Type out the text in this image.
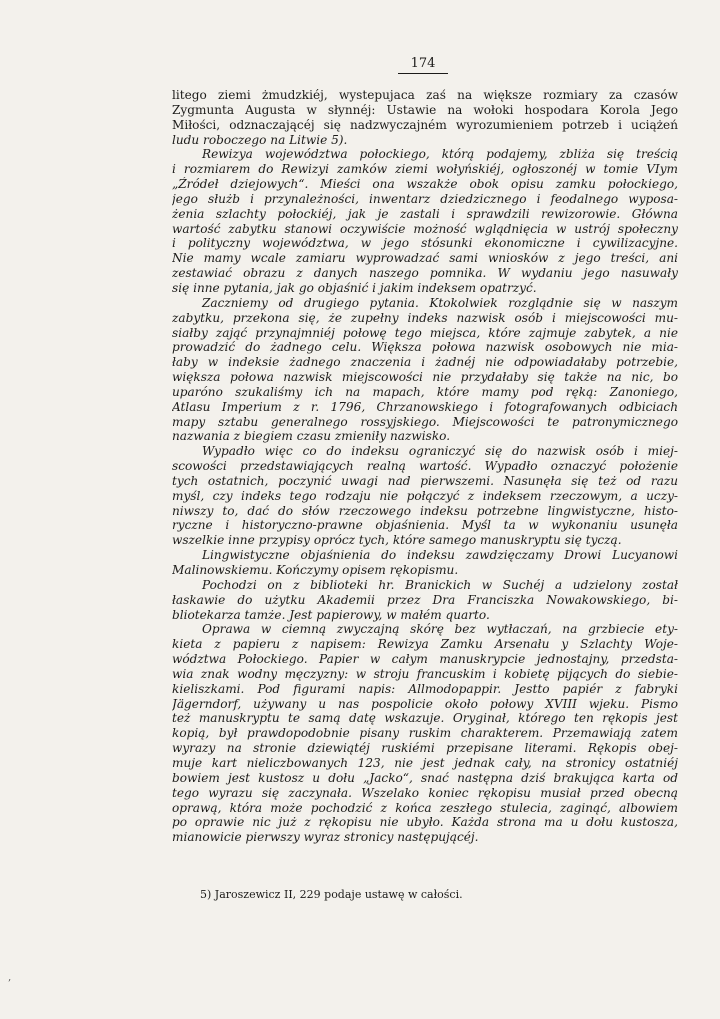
174
litego ziemi żmudzkiéj, wystepujaca zaś na większe rozmiary za czasów
Zygmunta Augusta w słynnéj: Ustawie na wołoki hospodara Korola Jego
Miłości, odznaczającéj się nadzwyczajném wyrozumieniem potrzeb i uciążeń
ludu roboczego na Litwie 5).
Rewizya województwa połockiego, którą podajemy, zbliża się treścią
i rozmiarem do Rewizyi zamków ziemi wołyńskiéj, ogłoszonéj w tomie VIym
„Źródeł dziejowych“. Mieści ona wszakże obok opisu zamku połockiego,
jego służb i przynależności, inwentarz dziedzicznego i feodalnego wyposa-
żenia szlachty połockiéj, jak je zastali i sprawdzili rewizorowie. Główna
wartość zabytku stanowi oczywiście możność wglądnięcia w ustrój społeczny
i polityczny województwa, w jego stósunki ekonomiczne i cywilizacyjne.
Nie mamy wcale zamiaru wyprowadzać sami wniosków z jego treści, ani
zestawiać obrazu z danych naszego pomnika. W wydaniu jego nasuwały
się inne pytania, jak go objaśnić i jakim indeksem opatrzyć.
Zaczniemy od drugiego pytania. Ktokolwiek rozglądnie się w naszym
zabytku, przekona się, że zupełny indeks nazwisk osób i miejscowości mu-
siałby zająć przynajmniéj połowę tego miejsca, które zajmuje zabytek, a nie
prowadzić do żadnego celu. Większa połowa nazwisk osobowych nie mia-
łaby w indeksie żadnego znaczenia i żadnéj nie odpowiadałaby potrzebie,
większa połowa nazwisk miejscowości nie przydałaby się także na nic, bo
uparóno szukaliśmy ich na mapach, które mamy pod ręką: Zanoniego,
Atlasu Imperium z r. 1796, Chrzanowskiego i fotografowanych odbiciach
mapy sztabu generalnego rossyjskiego. Miejscowości te patronymicznego
nazwania z biegiem czasu zmieniły nazwisko.
Wypadło więc co do indeksu ograniczyć się do nazwisk osób i miej-
scowości przedstawiających realną wartość. Wypadło oznaczyć położenie
tych ostatnich, poczynić uwagi nad pierwszemi. Nasunęła się też od razu
myśl, czy indeks tego rodzaju nie połączyć z indeksem rzeczowym, a uczy-
niwszy to, dać do słów rzeczowego indeksu potrzebne lingwistyczne, histo-
ryczne i historyczno-prawne objaśnienia. Myśl ta w wykonaniu usunęła
wszelkie inne przypisy oprócz tych, które samego manuskryptu się tyczą.
Lingwistyczne objaśnienia do indeksu zawdzięczamy Drowi Lucyanowi
Malinowskiemu. Kończymy opisem rękopismu.
Pochodzi on z biblioteki hr. Branickich w Suchéj a udzielony został
łaskawie do użytku Akademii przez Dra Franciszka Nowakowskiego, bi-
bliotekarza tamże. Jest papierowy, w małém quarto.
Oprawa w ciemną zwyczajną skórę bez wytłaczań, na grzbiecie ety-
kieta z papieru z napisem: Rewizya Zamku Arsenału y Szlachty Woje-
wództwa Połockiego. Papier w całym manuskrypcie jednostajny, przedsta-
wia znak wodny męczyzny: w stroju francuskim i kobietę pijących do siebie-
kieliszkami. Pod figurami napis: Allmodopappir. Jestto papiér z fabryki
Jägerndorf, używany u nas pospolicie około połowy XVIII wjeku. Pismo
też manuskryptu te samą datę wskazuje. Oryginał, którego ten rękopis jest
kopią, był prawdopodobnie pisany ruskim charakterem. Przemawiają zatem
wyrazy na stronie dziewiątéj ruskiémi przepisane literami. Rękopis obej-
muje kart nieliczbowanych 123, nie jest jednak cały, na stronicy ostatniéj
bowiem jest kustosz u dołu „Jacko“, snać następna dziś brakująca karta od
tego wyrazu się zaczynała. Wszelako koniec rękopisu musiał przed obecną
oprawą, która może pochodzić z końca zeszłego stulecia, zaginąć, albowiem
po oprawie nic już z rękopisu nie ubyło. Każda strona ma u dołu kustosza,
mianowicie pierwszy wyraz stronicy następującéj.
5) Jaroszewicz II, 229 podaje ustawę w całości.
‚
